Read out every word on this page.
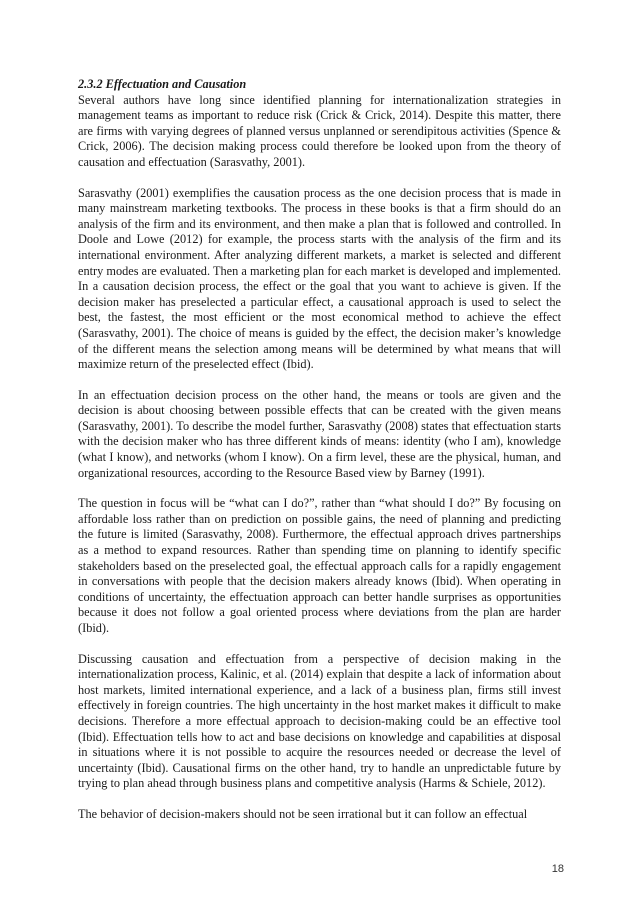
2.3.2 Effectuation and Causation

Several authors have long since identified planning for internationalization strategies in management teams as important to reduce risk (Crick & Crick, 2014). Despite this matter, there are firms with varying degrees of planned versus unplanned or serendipitous activities (Spence & Crick, 2006). The decision making process could therefore be looked upon from the theory of causation and effectuation (Sarasvathy, 2001).

Sarasvathy (2001) exemplifies the causation process as the one decision process that is made in many mainstream marketing textbooks. The process in these books is that a firm should do an analysis of the firm and its environment, and then make a plan that is followed and controlled. In Doole and Lowe (2012) for example, the process starts with the analysis of the firm and its international environment. After analyzing different markets, a market is selected and different entry modes are evaluated. Then a marketing plan for each market is developed and implemented. In a causation decision process, the effect or the goal that you want to achieve is given. If the decision maker has preselected a particular effect, a causational approach is used to select the best, the fastest, the most efficient or the most economical method to achieve the effect (Sarasvathy, 2001). The choice of means is guided by the effect, the decision maker’s knowledge of the different means the selection among means will be determined by what means that will maximize return of the preselected effect (Ibid).

In an effectuation decision process on the other hand, the means or tools are given and the decision is about choosing between possible effects that can be created with the given means (Sarasvathy, 2001). To describe the model further, Sarasvathy (2008) states that effectuation starts with the decision maker who has three different kinds of means: identity (who I am), knowledge (what I know), and networks (whom I know). On a firm level, these are the physical, human, and organizational resources, according to the Resource Based view by Barney (1991).

The question in focus will be “what can I do?”, rather than “what should I do?” By focusing on affordable loss rather than on prediction on possible gains, the need of planning and predicting the future is limited (Sarasvathy, 2008). Furthermore, the effectual approach drives partnerships as a method to expand resources. Rather than spending time on planning to identify specific stakeholders based on the preselected goal, the effectual approach calls for a rapidly engagement in conversations with people that the decision makers already knows (Ibid). When operating in conditions of uncertainty, the effectuation approach can better handle surprises as opportunities because it does not follow a goal oriented process where deviations from the plan are harder (Ibid).

Discussing causation and effectuation from a perspective of decision making in the internationalization process, Kalinic, et al. (2014) explain that despite a lack of information about host markets, limited international experience, and a lack of a business plan, firms still invest effectively in foreign countries. The high uncertainty in the host market makes it difficult to make decisions. Therefore a more effectual approach to decision-making could be an effective tool (Ibid). Effectuation tells how to act and base decisions on knowledge and capabilities at disposal in situations where it is not possible to acquire the resources needed or decrease the level of uncertainty (Ibid). Causational firms on the other hand, try to handle an unpredictable future by trying to plan ahead through business plans and competitive analysis (Harms & Schiele, 2012).

The behavior of decision-makers should not be seen irrational but it can follow an effectual

18
